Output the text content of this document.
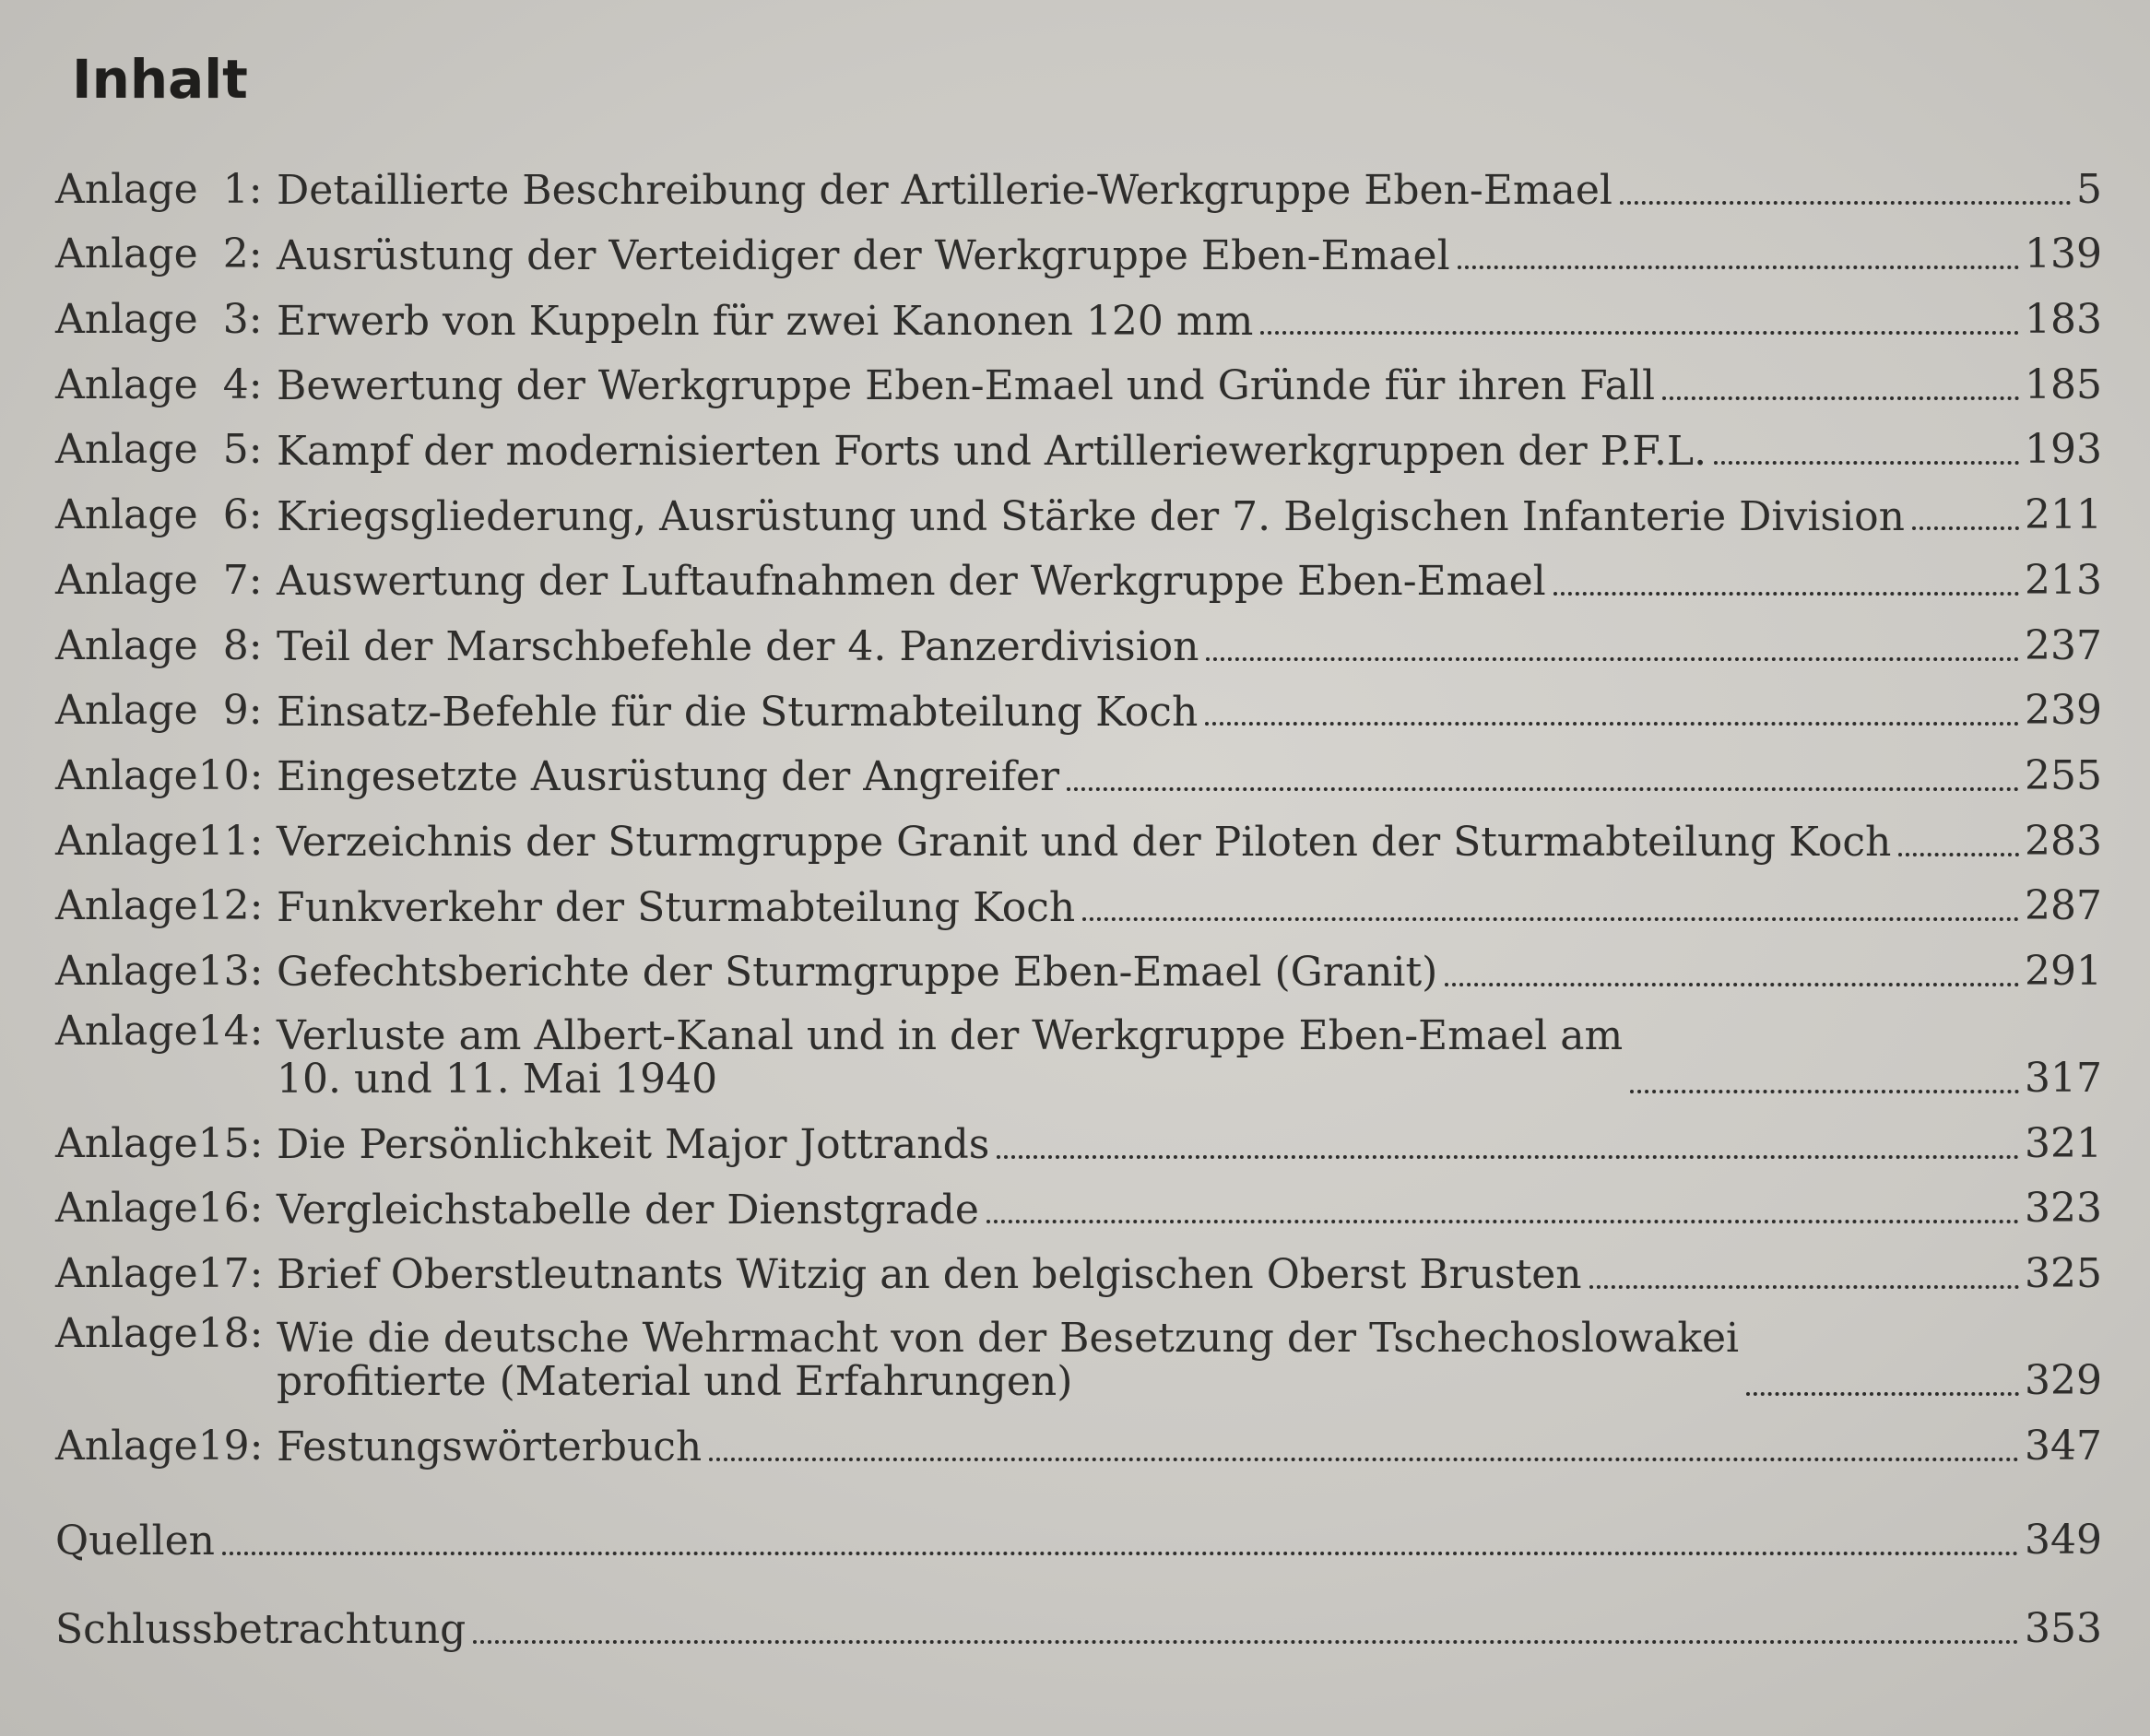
Inhalt
Anlage 1: Detaillierte Beschreibung der Artillerie-Werkgruppe Eben-Emael	5
Anlage 2: Ausrüstung der Verteidiger der Werkgruppe Eben-Emael	139
Anlage 3: Erwerb von Kuppeln für zwei Kanonen 120 mm	183
Anlage 4: Bewertung der Werkgruppe Eben-Emael und Gründe für ihren Fall	185
Anlage 5: Kampf der modernisierten Forts und Artilleriewerkgruppen der P.F.L.	193
Anlage 6: Kriegsgliederung, Ausrüstung und Stärke der 7. Belgischen Infanterie Division	211
Anlage 7: Auswertung der Luftaufnahmen der Werkgruppe Eben-Emael	213
Anlage 8: Teil der Marschbefehle der 4. Panzerdivision	237
Anlage 9: Einsatz-Befehle für die Sturmabteilung Koch	239
Anlage10: Eingesetzte Ausrüstung der Angreifer	255
Anlage11: Verzeichnis der Sturmgruppe Granit und der Piloten der Sturmabteilung Koch	283
Anlage12: Funkverkehr der Sturmabteilung Koch	287
Anlage13: Gefechtsberichte der Sturmgruppe Eben-Emael (Granit)	291
Anlage14: Verluste am Albert-Kanal und in der Werkgruppe Eben-Emael am
10. und 11. Mai 1940	317
Anlage15: Die Persönlichkeit Major Jottrands	321
Anlage16: Vergleichstabelle der Dienstgrade	323
Anlage17: Brief Oberstleutnants Witzig an den belgischen Oberst Brusten	325
Anlage18: Wie die deutsche Wehrmacht von der Besetzung der Tschechoslowakei
profitierte (Material und Erfahrungen)	329
Anlage19: Festungswörterbuch	347
Quellen	349
Schlussbetrachtung	353
